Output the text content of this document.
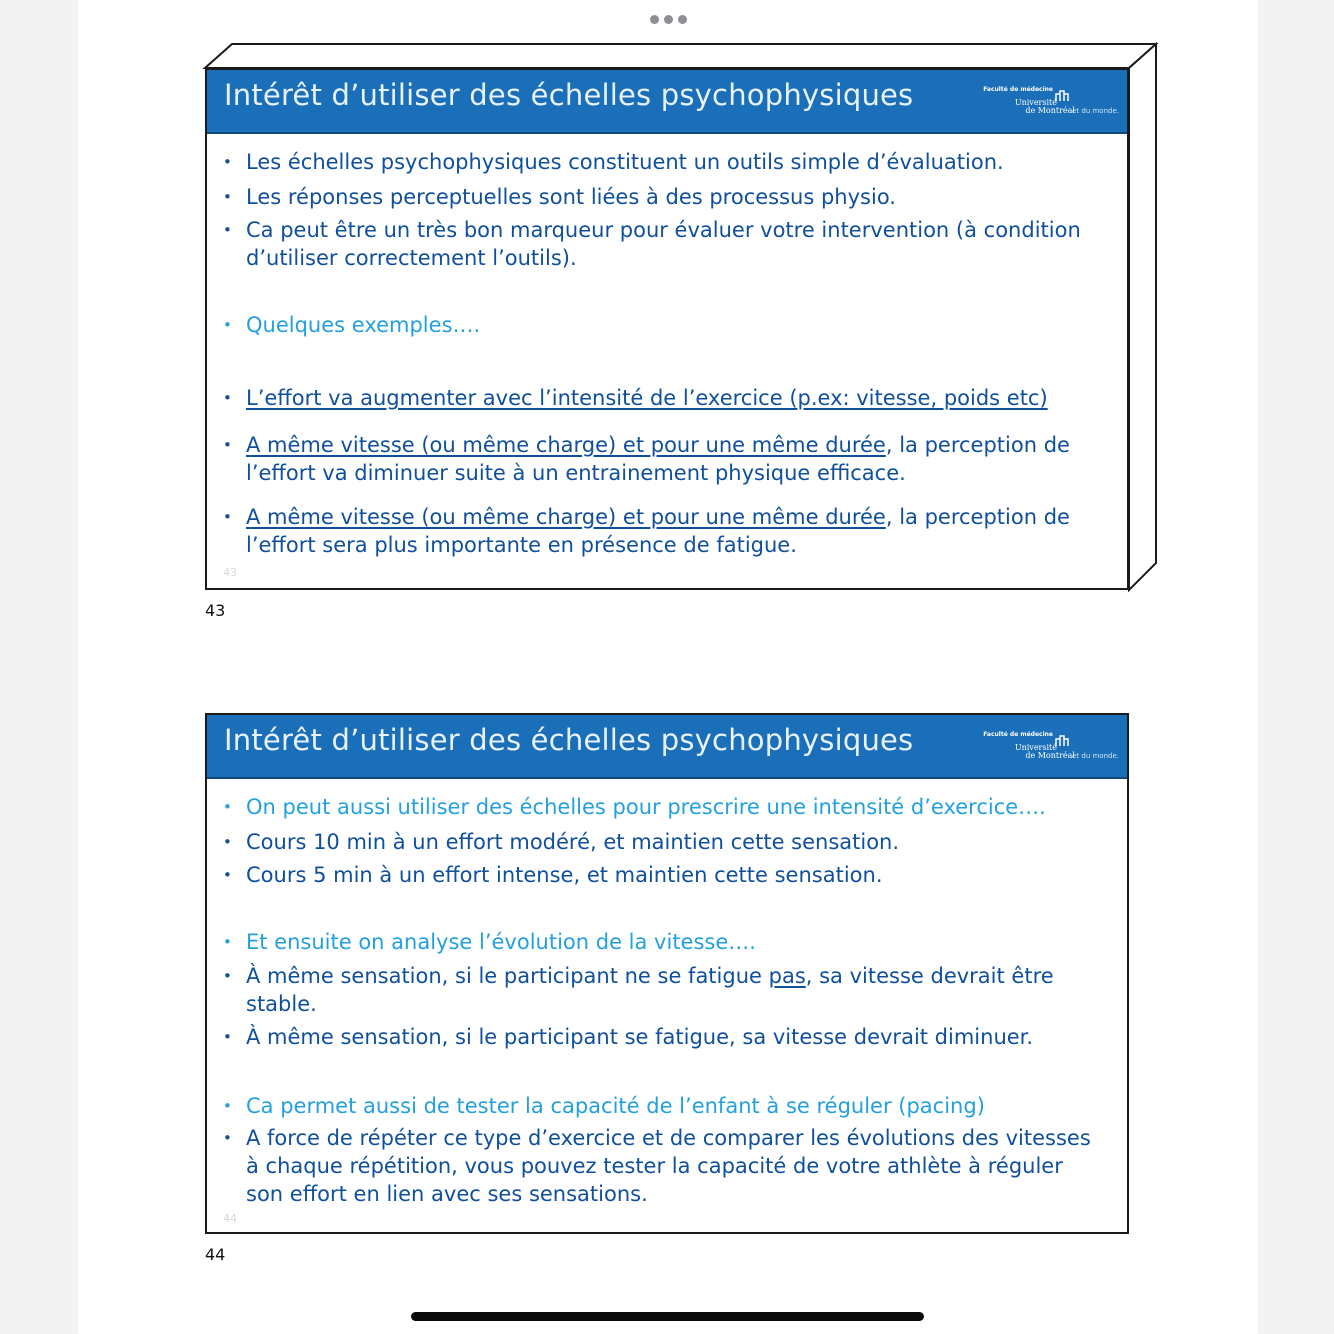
Intérêt d’utiliser des échelles psychophysiques	Faculté de médecine
Université
de Montréal
et du monde.
• Les échelles psychophysiques constituent un outils simple d’évaluation.
• Les réponses perceptuelles sont liées à des processus physio.
• Ca peut être un très bon marqueur pour évaluer votre intervention (à condition d’utiliser correctement l’outils).
• Quelques exemples….
• L’effort va augmenter avec l’intensité de l’exercice (p.ex: vitesse, poids etc)
• A même vitesse (ou même charge) et pour une même durée, la perception de l’effort va diminuer suite à un entrainement physique efficace.
• A même vitesse (ou même charge) et pour une même durée, la perception de l’effort sera plus importante en présence de fatigue.
43
43
Intérêt d’utiliser des échelles psychophysiques	Faculté de médecine
Université
de Montréal
et du monde.
• On peut aussi utiliser des échelles pour prescrire une intensité d’exercice….
• Cours 10 min à un effort modéré, et maintien cette sensation.
• Cours 5 min à un effort intense, et maintien cette sensation.
• Et ensuite on analyse l’évolution de la vitesse….
• À même sensation, si le participant ne se fatigue pas, sa vitesse devrait être stable.
• À même sensation, si le participant se fatigue, sa vitesse devrait diminuer.
• Ca permet aussi de tester la capacité de l’enfant à se réguler (pacing)
• A force de répéter ce type d’exercice et de comparer les évolutions des vitesses à chaque répétition, vous pouvez tester la capacité de votre athlète à réguler son effort en lien avec ses sensations.
44
44
